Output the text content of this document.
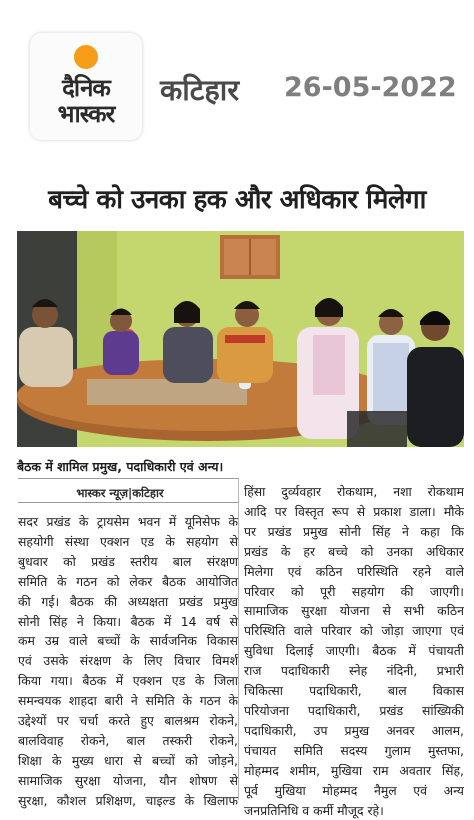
दैनिक
भास्कर
कटिहार 26-05-2022
बच्चे को उनका हक और अधिकार मिलेगा
बैठक में शामिल प्रमुख, पदाधिकारी एवं अन्य।
भास्कर न्यूज़|कटिहार
सदर प्रखंड के ट्रायसेम भवन में यूनिसेफ के
सहयोगी संस्था एक्शन एड के सहयोग से
बुधवार को प्रखंड स्तरीय बाल संरक्षण
समिति के गठन को लेकर बैठक आयोजित
की गई। बैठक की अध्यक्षता प्रखंड प्रमुख
सोनी सिंह ने किया। बैठक में 14 वर्ष से
कम उम्र वाले बच्चों के सार्वजनिक विकास
एवं उसके संरक्षण के लिए विचार विमर्श
किया गया। बैठक में एक्शन एड के जिला
समन्वयक शाहदा बारी ने समिति के गठन के
उद्देश्यों पर चर्चा करते हुए बालश्रम रोकने,
बालविवाह रोकने, बाल तस्करी रोकने,
शिक्षा के मुख्य धारा से बच्चों को जोड़ने,
सामाजिक सुरक्षा योजना, यौन शोषण से
सुरक्षा, कौशल प्रशिक्षण, चाइल्ड के खिलाफ
हिंसा दुर्व्यवहार रोकथाम, नशा रोकथाम
आदि पर विस्तृत रूप से प्रकाश डाला। मौके
पर प्रखंड प्रमुख सोनी सिंह ने कहा कि
प्रखंड के हर बच्चे को उनका अधिकार
मिलेगा एवं कठिन परिस्थिति रहने वाले
परिवार को पूरी सहयोग की जाएगी।
सामाजिक सुरक्षा योजना से सभी कठिन
परिस्थिति वाले परिवार को जोड़ा जाएगा एवं
सुविधा दिलाई जाएगी। बैठक में पंचायती
राज पदाधिकारी स्नेह नंदिनी, प्रभारी
चिकित्सा पदाधिकारी, बाल विकास
परियोजना पदाधिकारी, प्रखंड सांख्यिकी
पदाधिकारी, उप प्रमुख अनवर आलम,
पंचायत समिति सदस्य गुलाम मुस्तफा,
मोहम्मद शमीम, मुखिया राम अवतार सिंह,
पूर्व मुखिया मोहम्मद नैमुल एवं अन्य
जनप्रतिनिधि व कर्मी मौजूद रहे।
